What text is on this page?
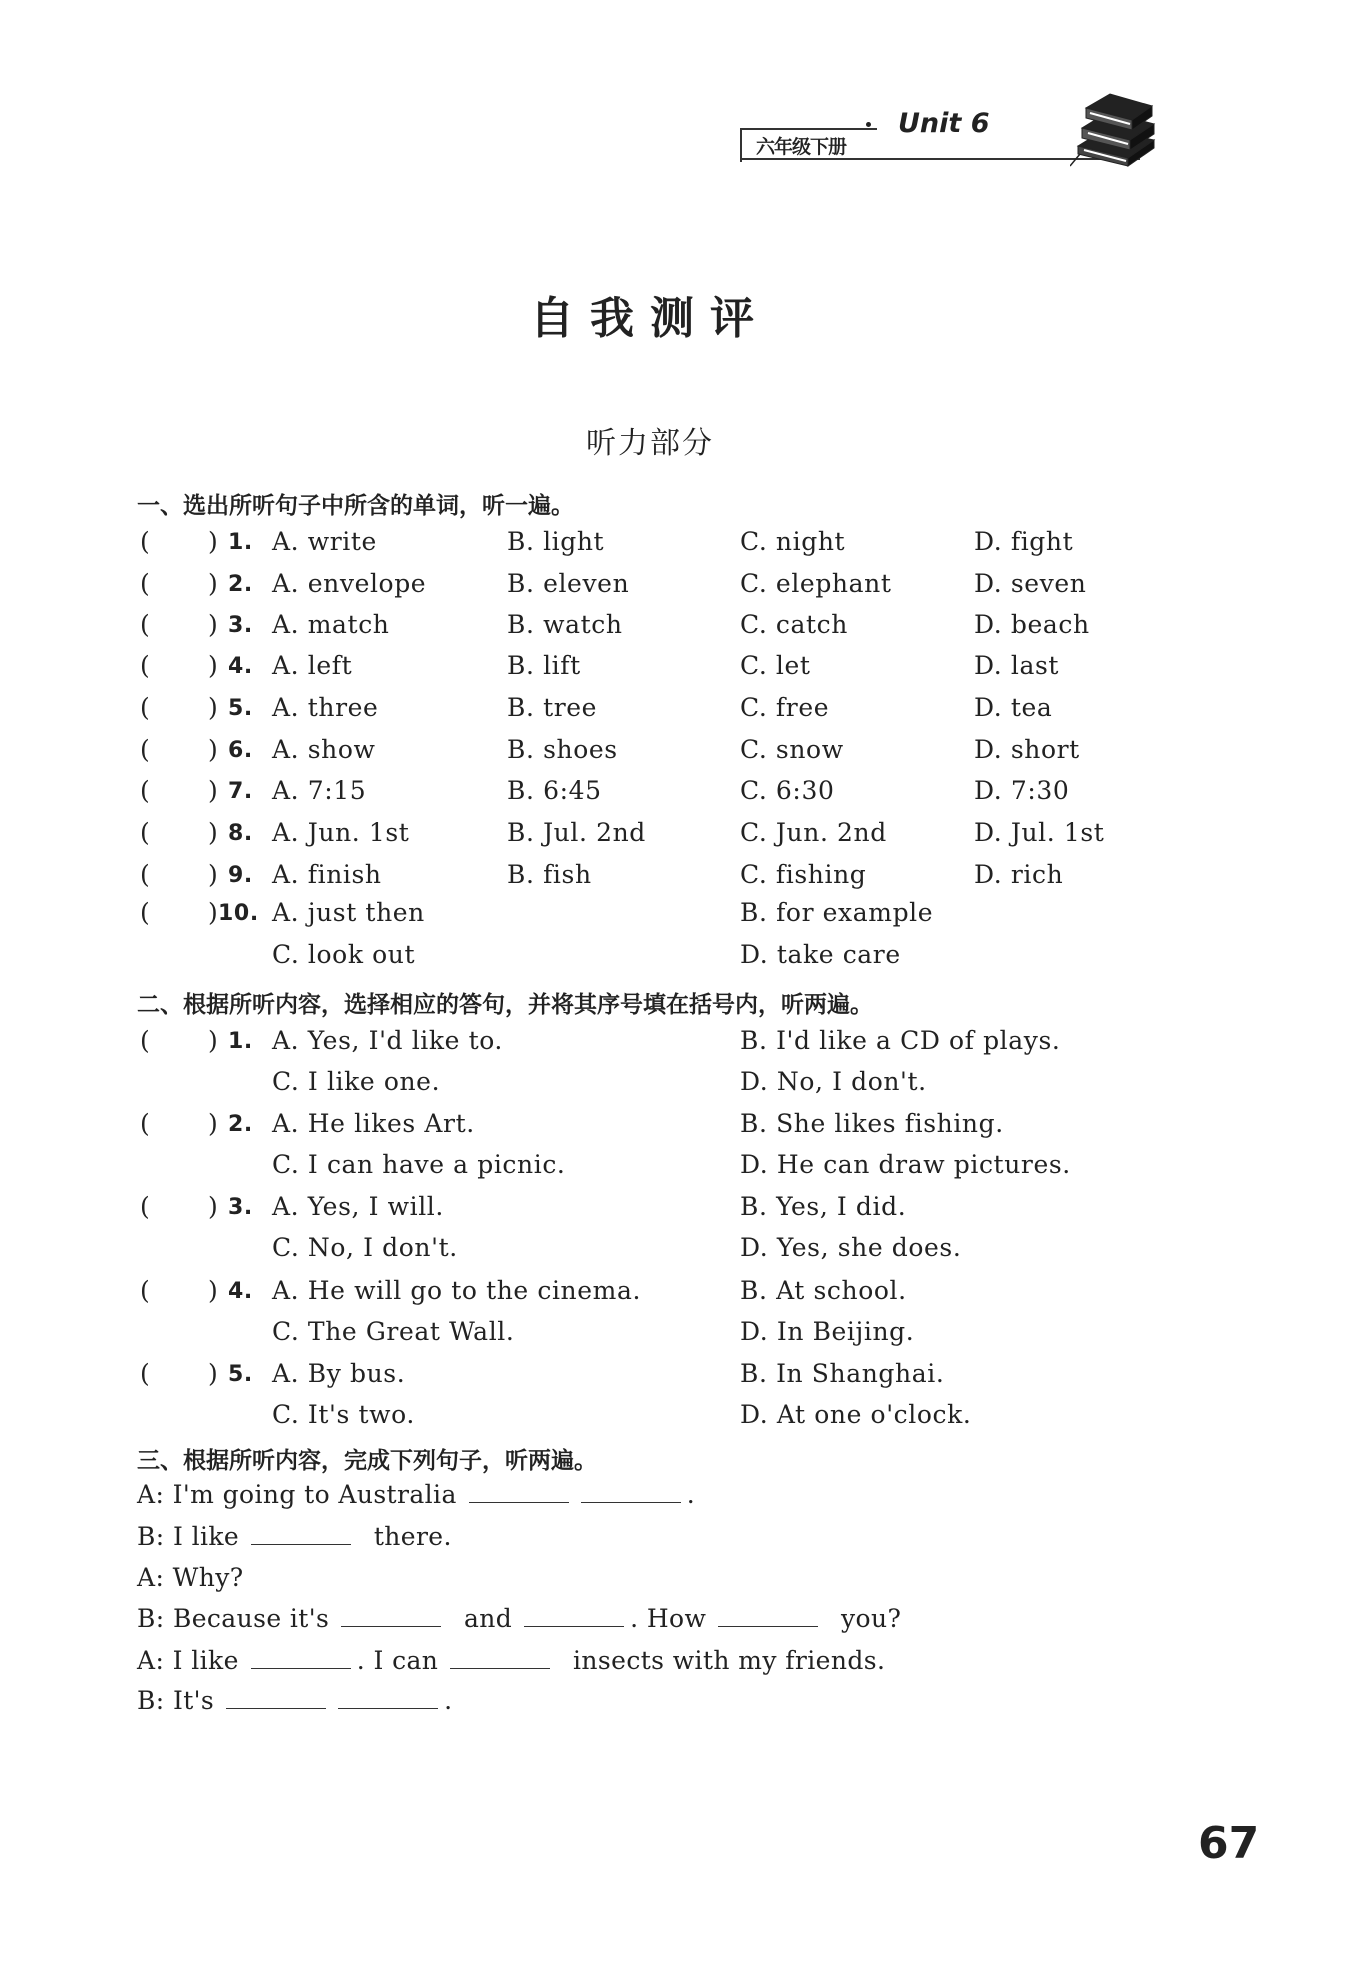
六年级下册
Unit 6
自我测评
听力部分
一、选出所听句子中所含的单词，听一遍。
( ) 1. A. write	B. light	C. night	D. fight
( ) 2. A. envelope	B. eleven	C. elephant	D. seven
( ) 3. A. match	B. watch	C. catch	D. beach
( ) 4. A. left	B. lift	C. let	D. last
( ) 5. A. three	B. tree	C. free	D. tea
( ) 6. A. show	B. shoes	C. snow	D. short
( ) 7. A. 7:15	B. 6:45	C. 6:30	D. 7:30
( ) 8. A. Jun. 1st	B. Jul. 2nd	C. Jun. 2nd	D. Jul. 1st
( ) 9. A. finish	B. fish	C. fishing	D. rich
( ) 10. A. just then	B. for example
C. look out	D. take care
二、根据所听内容，选择相应的答句，并将其序号填在括号内，听两遍。
( ) 1. A. Yes, I'd like to.	B. I'd like a CD of plays.
C. I like one.	D. No, I don't.
( ) 2. A. He likes Art.	B. She likes fishing.
C. I can have a picnic.	D. He can draw pictures.
( ) 3. A. Yes, I will.	B. Yes, I did.
C. No, I don't.	D. Yes, she does.
( ) 4. A. He will go to the cinema.	B. At school.
C. The Great Wall.	D. In Beijing.
( ) 5. A. By bus.	B. In Shanghai.
C. It's two.	D. At one o'clock.
三、根据所听内容，完成下列句子，听两遍。
A: I'm going to Australia	.
B: I like	there.
A: Why?
B: Because it's	and	. How	you?
A: I like	. I can	insects with my friends.
B: It's	.
67
